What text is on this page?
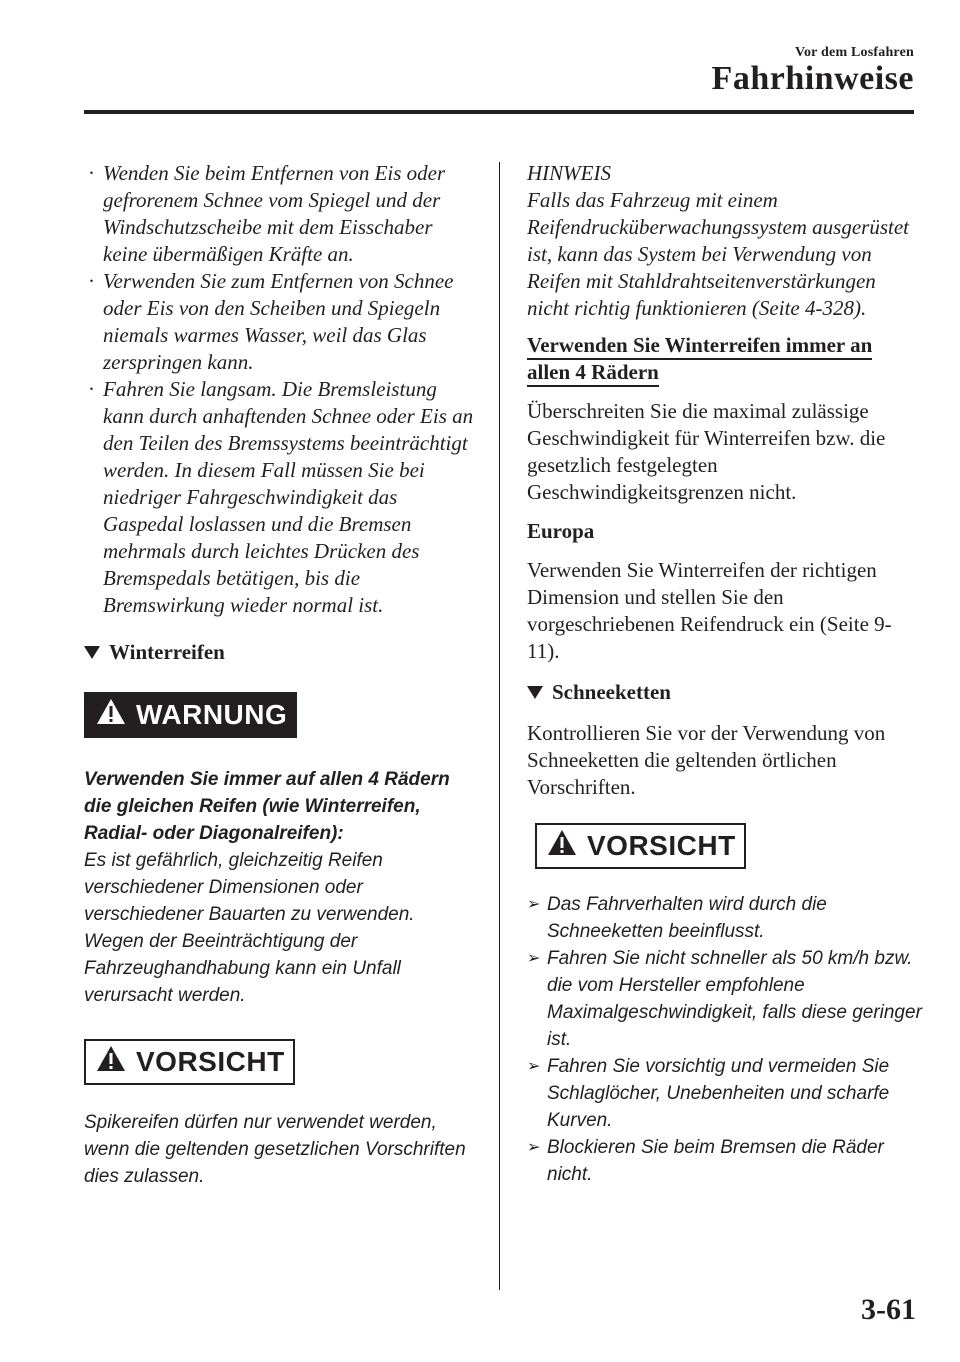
Vor dem Losfahren
Fahrhinweise
· Wenden Sie beim Entfernen von Eis oder gefrorenem Schnee vom Spiegel und der Windschutzscheibe mit dem Eisschaber keine übermäßigen Kräfte an.
· Verwenden Sie zum Entfernen von Schnee oder Eis von den Scheiben und Spiegeln niemals warmes Wasser, weil das Glas zerspringen kann.
· Fahren Sie langsam. Die Bremsleistung kann durch anhaftenden Schnee oder Eis an den Teilen des Bremssystems beeinträchtigt werden. In diesem Fall müssen Sie bei niedriger Fahrgeschwindigkeit das Gaspedal loslassen und die Bremsen mehrmals durch leichtes Drücken des Bremspedals betätigen, bis die Bremswirkung wieder normal ist.
Winterreifen
WARNUNG
Verwenden Sie immer auf allen 4 Rädern die gleichen Reifen (wie Winterreifen, Radial- oder Diagonalreifen):
Es ist gefährlich, gleichzeitig Reifen verschiedener Dimensionen oder verschiedener Bauarten zu verwenden. Wegen der Beeinträchtigung der Fahrzeughandhabung kann ein Unfall verursacht werden.
VORSICHT
Spikereifen dürfen nur verwendet werden, wenn die geltenden gesetzlichen Vorschriften dies zulassen.
HINWEIS
Falls das Fahrzeug mit einem Reifendrucküberwachungssystem ausgerüstet ist, kann das System bei Verwendung von Reifen mit Stahldrahtseitenverstärkungen nicht richtig funktionieren (Seite 4-328).
Verwenden Sie Winterreifen immer an
allen 4 Rädern
Überschreiten Sie die maximal zulässige Geschwindigkeit für Winterreifen bzw. die gesetzlich festgelegten Geschwindigkeitsgrenzen nicht.
Europa
Verwenden Sie Winterreifen der richtigen Dimension und stellen Sie den vorgeschriebenen Reifendruck ein (Seite 9-11).
Schneeketten
Kontrollieren Sie vor der Verwendung von Schneeketten die geltenden örtlichen Vorschriften.
VORSICHT
➢ Das Fahrverhalten wird durch die Schneeketten beeinflusst.
➢ Fahren Sie nicht schneller als 50 km/h bzw. die vom Hersteller empfohlene Maximalgeschwindigkeit, falls diese geringer ist.
➢ Fahren Sie vorsichtig und vermeiden Sie Schlaglöcher, Unebenheiten und scharfe Kurven.
➢ Blockieren Sie beim Bremsen die Räder nicht.
3-61
